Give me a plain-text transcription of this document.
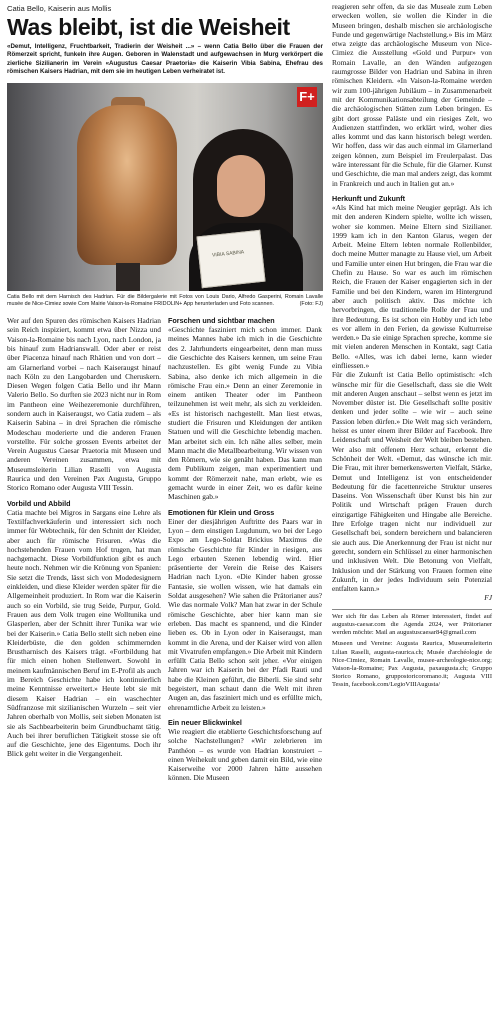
Catia Bello, Kaiserin aus Mollis
Was bleibt, ist die Weisheit

«Demut, Intelligenz, Fruchtbarkeit, Tradierin der Weisheit ...» – wenn Catia Bello über die Frauen der Römerzeit spricht, funkeln ihre Augen. Geboren in Walenstadt und aufgewachsen in Murg verkörpert die zierliche Sizilianerin im Verein «Augustus Caesar Praetoria» die Kaiserin Vibia Sabina, Ehefrau des römischen Kaisers Hadrian, mit dem sie im heutigen Leben verheiratet ist.

VIBIA SABINA
F+

Catia Bello mit dem Harnisch des Hadrian. Für die Bildergalerie mit Fotos von Louis Dario, Alfredo Gasperini, Romain Lavalle musée de Nice-Cimiez sowie Com Mairie Vaison-la-Romaine FRIDOLIN+ App herunterladen und Foto scannen.	(Foto: FJ)

Wer auf den Spuren des römischen Kaisers Hadrian sein Reich inspiziert, kommt etwa über Nizza und Vaison-la-Romaine bis nach Lyon, nach London, ja bis hinauf zum Hadrianswall. Oder aber er reist über Piacenza hinauf nach Rhätien und von dort – am Glarnerland vorbei – nach Kaiseraugst hinauf nach Köln zu den Langobarden und Cheruskern. Diesen Wegen folgen Catia Bello und ihr Mann Valerio Bello. So durften sie 2023 nicht nur in Rom im Pantheon eine Weihezeremonie durchführen, sondern auch in Kaiseraugst, wo Catia zudem – als Kaiserin Sabina – in drei Sprachen die römische Modeschau moderierte und die anderen Frauen vorstellte. Für solche grossen Events arbeitet der Verein Augustus Caesar Praetoria mit Museen und anderen Vereinen zusammen, etwa mit Museumsleiterin Lilian Raselli von Augusta Raurica und den Vereinen Pax Augusta, Gruppo Storico Romano oder Augusta VIII Tessin.

Vorbild und Abbild

Catia machte bei Migros in Sargans eine Lehre als Textilfachverkäuferin und interessiert sich noch immer für Webtechnik, für den Schnitt der Kleider, aber auch für römische Frisuren. «Was die hochstehenden Frauen vom Hof trugen, hat man nachgemacht. Diese Vorbildfunktion gibt es auch heute noch. Nehmen wir die Krönung von Spanien: Sie setzt die Trends, lässt sich von Modedesignern einkleiden, und diese Kleider werden später für die Allgemeinheit produziert. In Rom war die Kaiserin auch so ein Vorbild, sie trug Seide, Purpur, Gold. Frauen aus dem Volk trugen eine Wolltunika und Glasperlen, aber der Schnitt ihrer Tunika war wie bei der Kaiserin.» Catia Bello stellt sich neben eine Kleiderbüste, die den golden schimmernden Brustharnisch des Kaisers trägt. «Fortbildung hat für mich einen hohen Stellenwert. Sowohl in meinem kaufmännischen Beruf im E-Profil als auch im Bereich Geschichte habe ich kontinuierlich meine Kenntnisse erweitert.» Heute lebt sie mit diesem Kaiser Hadrian – ein waschechter Südfranzose mit sizilianischen Wurzeln – seit vier Jahren oberhalb von Mollis, seit sieben Monaten ist sie als Sachbearbeiterin beim Grundbuchamt tätig. Auch bei ihrer beruflichen Tätigkeit stosse sie oft auf die Geschichte, jene des Eigentums. Doch ihr Blick geht weiter in die Vergangenheit.

Forschen und sichtbar machen

«Geschichte fasziniert mich schon immer. Dank meines Mannes habe ich mich in die Geschichte des 2. Jahrhunderts eingearbeitet, denn man muss die Geschichte des Kaisers kennen, um seine Frau nachzustellen. Es gibt wenig Funde zu Vibia Sabina, also denke ich mich allgemein in die römische Frau ein.» Denn an einer Zeremonie in einem antiken Theater oder im Pantheon teilzunehmen ist weit mehr, als sich zu verkleiden. «Es ist historisch nachgestellt. Man liest etwas, studiert die Frisuren und Kleidungen der antiken Statuen und will die Geschichte lebendig machen. Man arbeitet sich ein. Ich nähe alles selber, mein Mann macht die Metallbearbeitung. Wir wissen von den Römern, wie sie genäht haben. Das kann man dem Publikum zeigen, man experimentiert und kommt der Römerzeit nahe, man erlebt, wie es gemacht wurde in einer Zeit, wo es dafür keine Maschinen gab.»

Emotionen für Klein und Gross

Einer der diesjährigen Auftritte des Paars war in Lyon – dem einstigen Lugdunum, wo bei der Lego Expo am Lego-Soldat Brickius Maximus die römische Geschichte für Kinder in riesigen, aus Lego erbauten Szenen lebendig wird. Hier präsentierte der Verein die Reise des Kaisers Hadrian nach Lyon. «Die Kinder haben grosse Fantasie, sie wollen wissen, wie hat damals ein Soldat ausgesehen? Wie sahen die Prätorianer aus? Wie das normale Volk? Man hat zwar in der Schule römische Geschichte, aber hier kann man sie erleben. Das macht es spannend, und die Kinder lieben es. Ob in Lyon oder in Kaiseraugst, man kommt in die Arena, und der Kaiser wird von allen mit Vivatrufen empfangen.» Die Arbeit mit Kindern erfüllt Catia Bello schon seit jeher. «Vor einigen Jahren war ich Kaiserin bei der Pfadi Rauti und habe die Kleinen geführt, die Biberli. Sie sind sehr begeistert, man schaut dann die Welt mit ihren Augen an, das fasziniert mich und es erfüllte mich, ehrenamtliche Arbeit zu leisten.»

Ein neuer Blickwinkel

Wie reagiert die etablierte Geschichtsforschung auf solche Nachstellungen? «Wir zelebrieren im Panthéon – es wurde von Hadrian konstruiert – einen Weihekult und geben damit ein Bild, wie eine Kaiserweihe vor 2000 Jahren hätte aussehen können. Die Museen

reagieren sehr offen, da sie das Museale zum Leben erwecken wollen, sie wollen die Kinder in die Museen bringen, deshalb mischen sie archäologische Funde und gegenwärtige Nachstellung.» Bis im März etwa zeigte das archäologische Museum von Nice-Cimiez die Ausstellung «Gold und Purpur» von Romain Lavalle, an den Wänden aufgezogen raumgrosse Bilder von Hadrian und Sabina in ihren römischen Kleidern. «In Vaison-la-Romaine werden wir zum 100-jährigen Jubiläum – in Zusammenarbeit mit der Kommunikationsabteilung der Gemeinde – die archäologischen Stätten zum Leben bringen. Es gibt dort grosse Paläste und ein riesiges Zelt, wo Audienzen stattfinden, wo erklärt wird, woher dies alles kommt und das kann historisch belegt werden. Wir hoffen, dass wir das auch einmal im Glarnerland zeigen können, zum Beispiel im Freulerpalast. Das wäre interessant für die Schule, für die Glarner. Kunst und Geschichte, die man mal anders zeigt, das kommt in Frankreich und auch in Italien gut an.»

Herkunft und Zukunft

«Als Kind hat mich meine Neugier geprägt. Als ich mit den anderen Kindern spielte, wollte ich wissen, woher sie kommen. Meine Eltern sind Sizilianer. 1999 kam ich in den Kanton Glarus, wegen der Arbeit. Meine Eltern lebten normale Rollenbilder, doch meine Mutter managte zu Hause viel, um Arbeit und Familie unter einen Hut bringen, die Frau war die Chefin zu Hause. So war es auch im römischen Reich, die Frauen der Kaiser engagierten sich in der Familie und bei den Kindern, waren im Hintergrund aber auch politisch aktiv. Das möchte ich hervorbringen, die traditionelle Rolle der Frau und ihre Bedeutung. Es ist schon ein Hobby und ich lebe es vor allem in den Ferien, da gewisse Kulturreise werden.» Da sie einige Sprachen spreche, komme sie mit vielen anderen Menschen in Kontakt, sagt Catia Bello. «Alles, was ich dabei lerne, kann wieder einfliessen.»

Für die Zukunft ist Catia Bello optimistisch: «Ich wünsche mir für die Gesellschaft, dass sie die Welt mit anderen Augen anschaut – selbst wenn es jetzt im November düster ist. Die Gesellschaft sollte positiv denken und jeder sollte – wie wir – auch seine Passion leben dürfen.» Die Welt mag sich verändern, heisst es unter einem ihrer Bilder auf Facebook. Ihre Leidenschaft und Weisheit der Welt bleiben bestehen. Wer also mit offenem Herz schaut, erkennt die Schönheit der Welt. «Demut, das wünsche ich mir. Die Frau, mit ihrer bemerkenswerten Vielfalt, Stärke, Demut und Intelligenz ist von entscheidender Bedeutung für die facettenreiche Struktur unseres Daseins. Von Wissenschaft über Kunst bis hin zur Politik und Wirtschaft prägen Frauen durch einzigartige Fähigkeiten und Hingabe alle Bereiche. Ihre Erfolge tragen nicht nur individuell zur Gesellschaft bei, sondern bereichern und balancieren sie auch aus. Die Anerkennung der Frau ist nicht nur gerecht, sondern ein Schlüssel zu einer harmonischen und inklusiven Welt. Die Betonung von Vielfalt, Inklusion und der Stärkung von Frauen formen eine Zukunft, in der jedes Individuum sein Potenzial entfalten kann.»

FJ

Wer sich für das Leben als Römer interessiert, findet auf augustus-caesar.com die Agenda 2024, wer Prätorianer werden möchte: Mail an augustuscaesar84@gmail.com

Museen und Vereine: Augusta Raurica, Museumsleiterin Lilian Raselli, augusta-raurica.ch; Musée d'archéologie de Nice-Cimiez, Romain Lavalle, musee-archeologie-nice.org; Vaison-la-Romaine; Pax Augusta, paxaugusta.ch; Gruppo Storico Romano, gruppostoricoromano.it; Augusta VIII Tessin, facebook.com/LegioVIIIAugusta/
